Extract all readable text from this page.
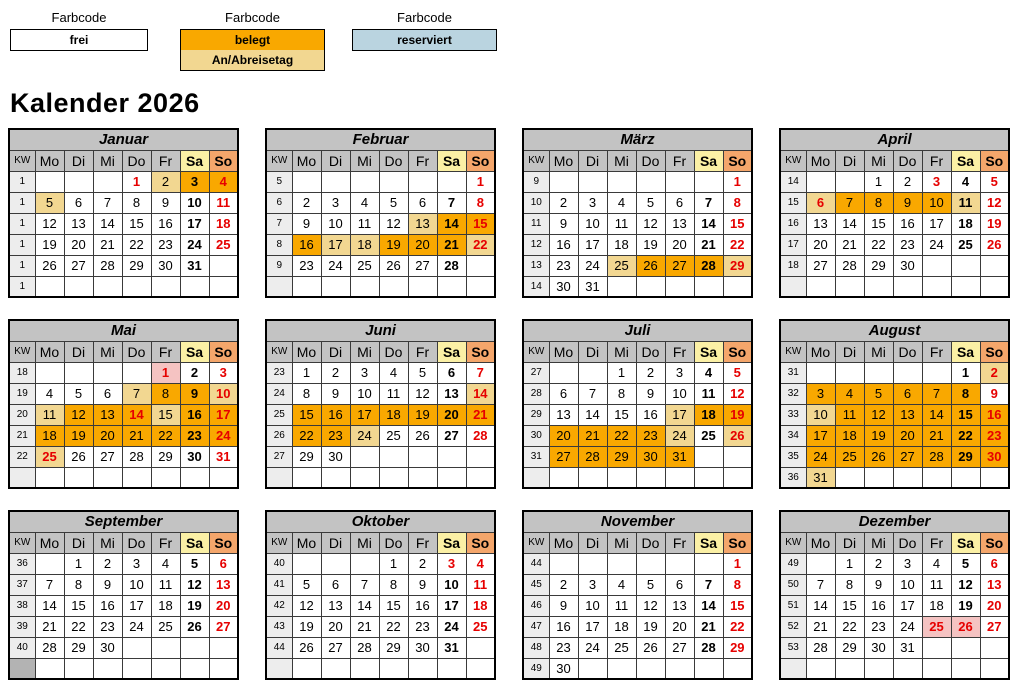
Farbcode
frei
Farbcode
belegt
An/Abreisetag
Farbcode
reserviert
Kalender 2026
Januar							
KW	Mo	Di	Mi	Do	Fr	Sa	So
1				1	2	3	4
1	5	6	7	8	9	10	11
1	12	13	14	15	16	17	18
1	19	20	21	22	23	24	25
1	26	27	28	29	30	31	
1							
Februar							
KW	Mo	Di	Mi	Do	Fr	Sa	So
5							1
6	2	3	4	5	6	7	8
7	9	10	11	12	13	14	15
8	16	17	18	19	20	21	22
9	23	24	25	26	27	28	

März							
KW	Mo	Di	Mi	Do	Fr	Sa	So
9							1
10	2	3	4	5	6	7	8
11	9	10	11	12	13	14	15
12	16	17	18	19	20	21	22
13	23	24	25	26	27	28	29
14	30	31					
April							
KW	Mo	Di	Mi	Do	Fr	Sa	So
14			1	2	3	4	5
15	6	7	8	9	10	11	12
16	13	14	15	16	17	18	19
17	20	21	22	23	24	25	26
18	27	28	29	30			

Mai							
KW	Mo	Di	Mi	Do	Fr	Sa	So
18					1	2	3
19	4	5	6	7	8	9	10
20	11	12	13	14	15	16	17
21	18	19	20	21	22	23	24
22	25	26	27	28	29	30	31

Juni							
KW	Mo	Di	Mi	Do	Fr	Sa	So
23	1	2	3	4	5	6	7
24	8	9	10	11	12	13	14
25	15	16	17	18	19	20	21
26	22	23	24	25	26	27	28
27	29	30					

Juli							
KW	Mo	Di	Mi	Do	Fr	Sa	So
27			1	2	3	4	5
28	6	7	8	9	10	11	12
29	13	14	15	16	17	18	19
30	20	21	22	23	24	25	26
31	27	28	29	30	31		

August							
KW	Mo	Di	Mi	Do	Fr	Sa	So
31						1	2
32	3	4	5	6	7	8	9
33	10	11	12	13	14	15	16
34	17	18	19	20	21	22	23
35	24	25	26	27	28	29	30
36	31						
September							
KW	Mo	Di	Mi	Do	Fr	Sa	So
36		1	2	3	4	5	6
37	7	8	9	10	11	12	13
38	14	15	16	17	18	19	20
39	21	22	23	24	25	26	27
40	28	29	30				

Oktober							
KW	Mo	Di	Mi	Do	Fr	Sa	So
40				1	2	3	4
41	5	6	7	8	9	10	11
42	12	13	14	15	16	17	18
43	19	20	21	22	23	24	25
44	26	27	28	29	30	31	

November							
KW	Mo	Di	Mi	Do	Fr	Sa	So
44							1
45	2	3	4	5	6	7	8
46	9	10	11	12	13	14	15
47	16	17	18	19	20	21	22
48	23	24	25	26	27	28	29
49	30						
Dezember							
KW	Mo	Di	Mi	Do	Fr	Sa	So
49		1	2	3	4	5	6
50	7	8	9	10	11	12	13
51	14	15	16	17	18	19	20
52	21	22	23	24	25	26	27
53	28	29	30	31			
